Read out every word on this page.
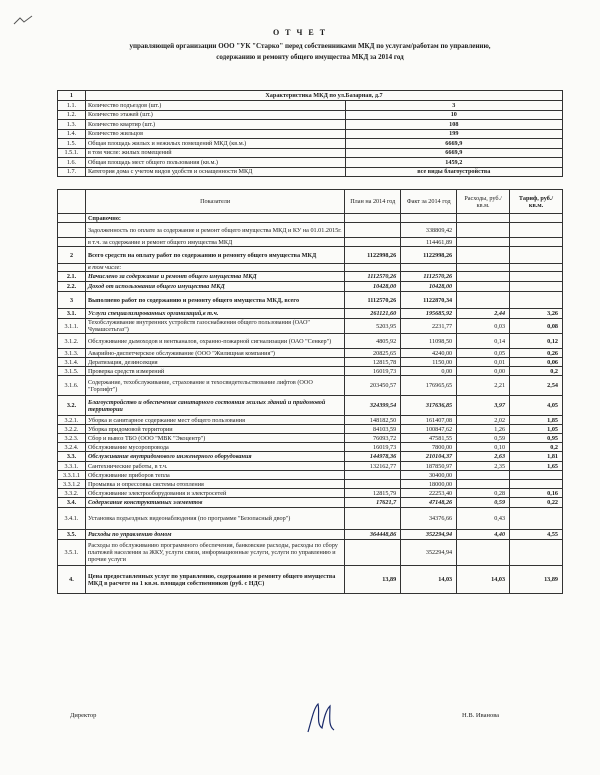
О Т Ч Е Т
управляющей организации ООО "УК "Старко" перед собственниками МКД по услугам/работам по управлению,
содержанию и ремонту общего имущества МКД за 2014 год
1	Характеристика МКД по ул.Базарная, д.7	
1.1.	Количество подъездов (шт.)	3
1.2.	Количество этажей (шт.)	10
1.3.	Количество квартир (шт.)	108
1.4.	Количество жильцов	199
1.5.	Общая площадь жилых и нежилых помещений МКД (кв.м.)	6669,9
1.5.1.	в том числе: жилых помещений	6669,9
1.6.	Общая площадь мест общего пользования (кв.м.)	1459,2
1.7.	Категория дома с учетом видов удобств и оснащенности МКД	все виды благоустройства
	Показатели	План на 2014 год	Факт за 2014 год	Расходы, руб./кв.м.	Тариф, руб./кв.м.
	Справочно:				
	Задолженность по оплате за содержание и ремонт общего имущества МКД и КУ на 01.01.2015г.		338809,42		
	в т.ч. за содержание и ремонт общего имущества МКД		114461,89		
2	Всего средств на оплату работ по содержанию и ремонту общего имущества МКД	1122998,26	1122998,26		
	в том числе:				
2.1.	Начислено за содержание и ремонт общего имущества МКД	1112570,26	1112570,26		
2.2.	Доход от использования общего имущества МКД	10428,00	10428,00		
3	Выполнено работ по содержанию и ремонту общего имущества МКД, всего	1112570,26	1122870,34		
3.1.	Услуги специализированных организаций,в т.ч.	261121,60	195685,92	2,44	3,26
3.1.1.	Техобслуживание внутренних устройств газоснабжения общего пользования (ОАО" Чувашсетьгаз")	5203,95	2231,77	0,03	0,08
3.1.2.	Обслуживание дымоходов и вентканалов, охранно-пожарной сигнализации (ОАО "Сенкер")	4805,92	11098,50	0,14	0,12
3.1.3.	Аварийно-диспетчерское обслуживание (ООО "Жилищная компания")	20825,65	4240,00	0,05	0,26
3.1.4.	Дератизация, дезинсекция	12815,78	1150,00	0,01	0,06
3.1.5.	Проверка средств измерений	16019,73	0,00	0,00	0,2
3.1.6.	Содержание, техобслуживание, страхование и техосвидетельствование лифтов (ООО "Горлифт")	203450,57	176965,65	2,21	2,54
3.2.	Благоустройство и обеспечение санитарного состояния жилых зданий и придомовой территории	324399,54	317636,85	3,97	4,05
3.2.1.	Уборка и санитарное содержание мест общего пользования	148182,50	161407,08	2,02	1,85
3.2.2.	Уборка придомовой территории	84103,59	100847,62	1,26	1,05
3.2.3.	Сбор и вывоз ТБО (ООО "МВК "Экоцентр")	76093,72	47581,55	0,59	0,95
3.2.4.	Обслуживание мусоропровода	16019,73	7800,00	0,10	0,2
3.3.	Обслуживание внутридомового инженерного оборудования	144978,36	210104,37	2,63	1,81
3.3.1.	Сантехнические работы, в т.ч.	132162,77	187850,97	2,35	1,65
3.3.1.1	Обслуживание приборов тепла		30400,00		
3.3.1.2	Промывка и опрессовка системы отопления		18000,00		
3.3.2.	Обслуживание электрооборудования и электросетей	12815,79	22253,40	0,28	0,16
3.4.	Содержание конструктивных элементов	17621,7	47148,26	0,59	0,22
3.4.1.	Установка подъездных видеонаблюдения (по программе "Безопасный двор")		34376,66	0,43	
3.5.	Расходы по управлению домом	364448,86	352294,94	4,40	4,55
3.5.1.	Расходы по обслуживанию программного обеспечения, банковские расходы, расходы по сбору платежей населения за ЖКУ, услуги связи, информационные услуги, услуги по управлению и прочие услуги		352294,94		
4.	Цена предоставленных услуг по управлению, содержанию и ремонту общего имущества МКД в расчете на 1 кв.м. площади собственников (руб. с НДС)	13,89	14,03	14,03	13,89
Директор	Н.В. Иванова
